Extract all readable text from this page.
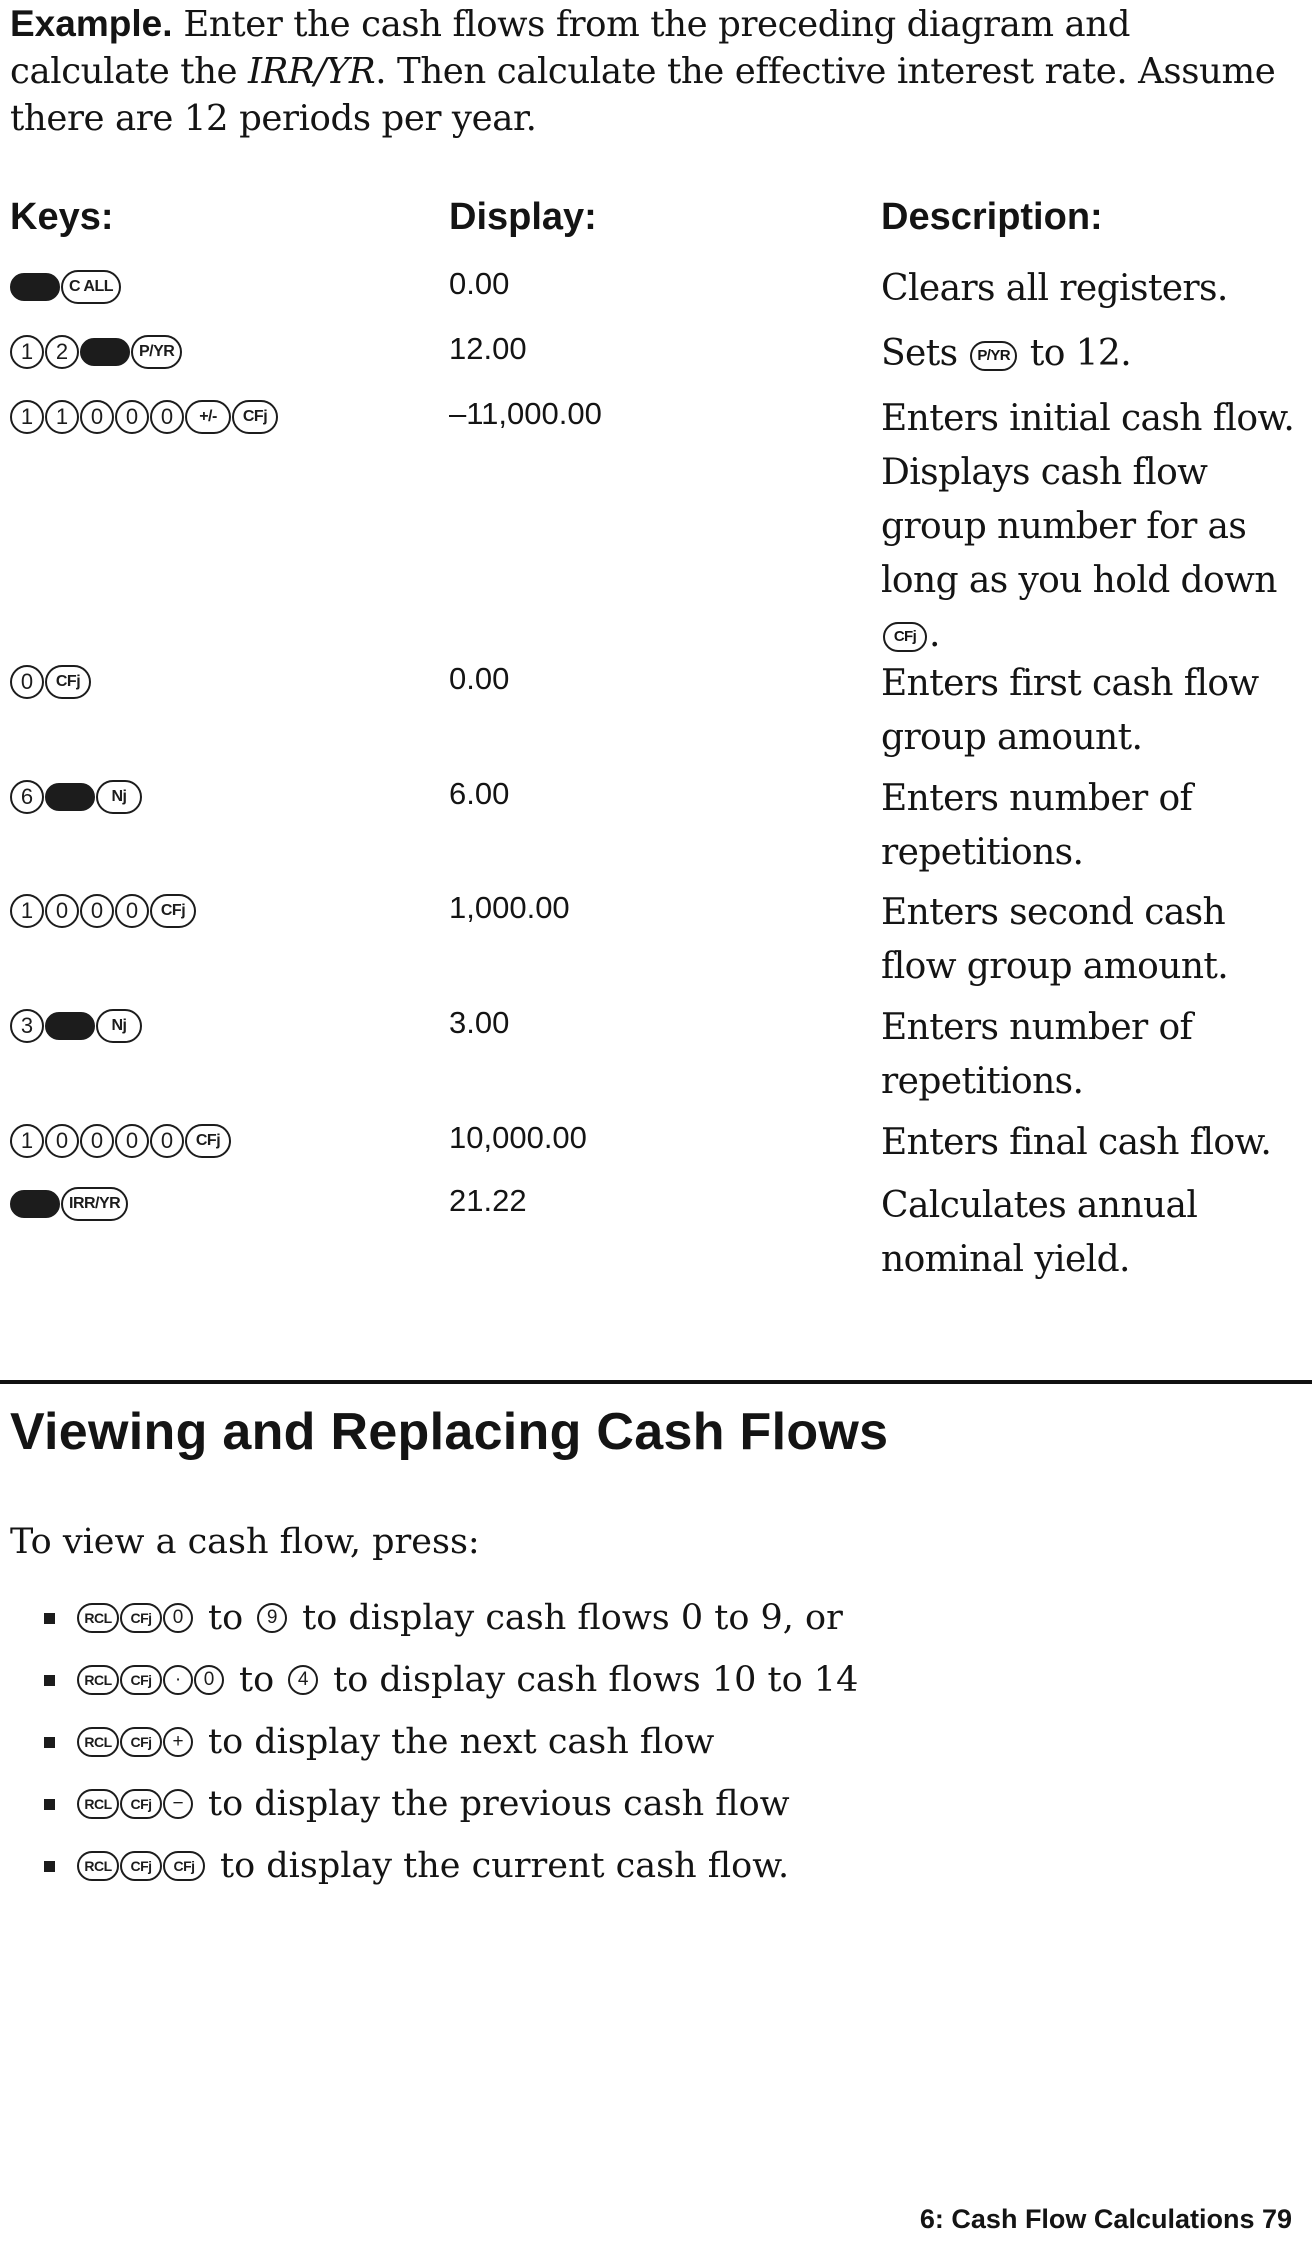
Example. Enter the cash flows from the preceding diagram and calculate the IRR/YR. Then calculate the effective interest rate. Assume there are 12 periods per year.
Keys:	Display:	Description:
C ALL	0.00	Clears all registers.
1	2	P/YR	12.00	Sets P/YR to 12.
1	1	0	0	0	+/-	CFj	–11,000.00	Enters initial cash flow. Displays cash flow group number for as long as you hold down CFj .
0	CFj	0.00	Enters first cash flow group amount.
6	Nj	6.00	Enters number of repetitions.
1	0	0	0	CFj	1,000.00	Enters second cash flow group amount.
3	Nj	3.00	Enters number of repetitions.
1	0	0	0	0	CFj	10,000.00	Enters final cash flow.
IRR/YR	21.22	Calculates annual nominal yield.
Viewing and Replacing Cash Flows
To view a cash flow, press:
RCL	CFj	0 to	9 to display cash flows 0 to 9, or
RCL	CFj	·	0 to	4 to display cash flows 10 to 14
RCL	CFj	+ to display the next cash flow
RCL	CFj	− to display the previous cash flow
RCL	CFj	CFj to display the current cash flow.
6: Cash Flow Calculations 79
